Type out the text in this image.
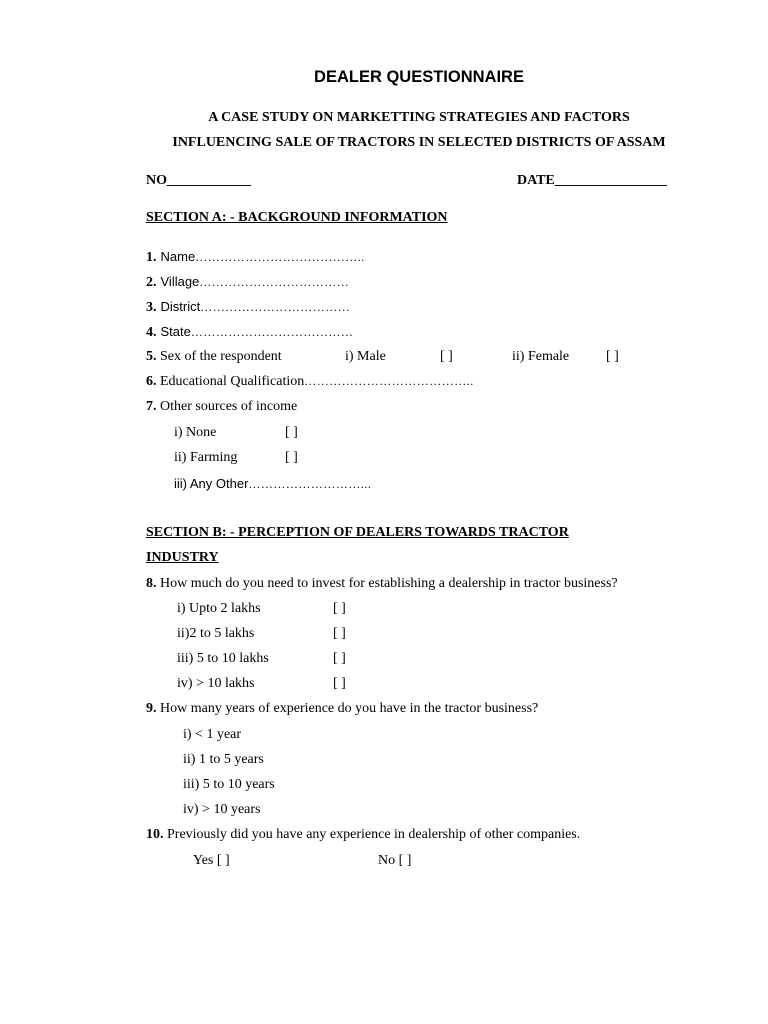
DEALER QUESTIONNAIRE
A CASE STUDY ON MARKETTING STRATEGIES AND FACTORS
INFLUENCING SALE OF TRACTORS IN SELECTED DISTRICTS OF ASSAM
NO____________	DATE________________
SECTION A: - BACKGROUND INFORMATION
1. Name…………………………………..
2. Village………………………………
3. District………………………………
4. State…………………………………
5. Sex of the respondent	i) Male	[ ]	ii) Female	[ ]
6. Educational Qualification…………………………………..
7. Other sources of income
i) None	[ ]
ii) Farming	[ ]
iii) Any Other………………………...
SECTION B: - PERCEPTION OF DEALERS TOWARDS TRACTOR
INDUSTRY
8. How much do you need to invest for establishing a dealership in tractor business?
i) Upto 2 lakhs	[ ]
ii)2 to 5 lakhs	[ ]
iii) 5 to 10 lakhs	[ ]
iv) > 10 lakhs	[ ]
9. How many years of experience do you have in the tractor business?
i) < 1 year
ii) 1 to 5 years
iii) 5 to 10 years
iv) > 10 years
10. Previously did you have any experience in dealership of other companies.
Yes [ ]	No [ ]
